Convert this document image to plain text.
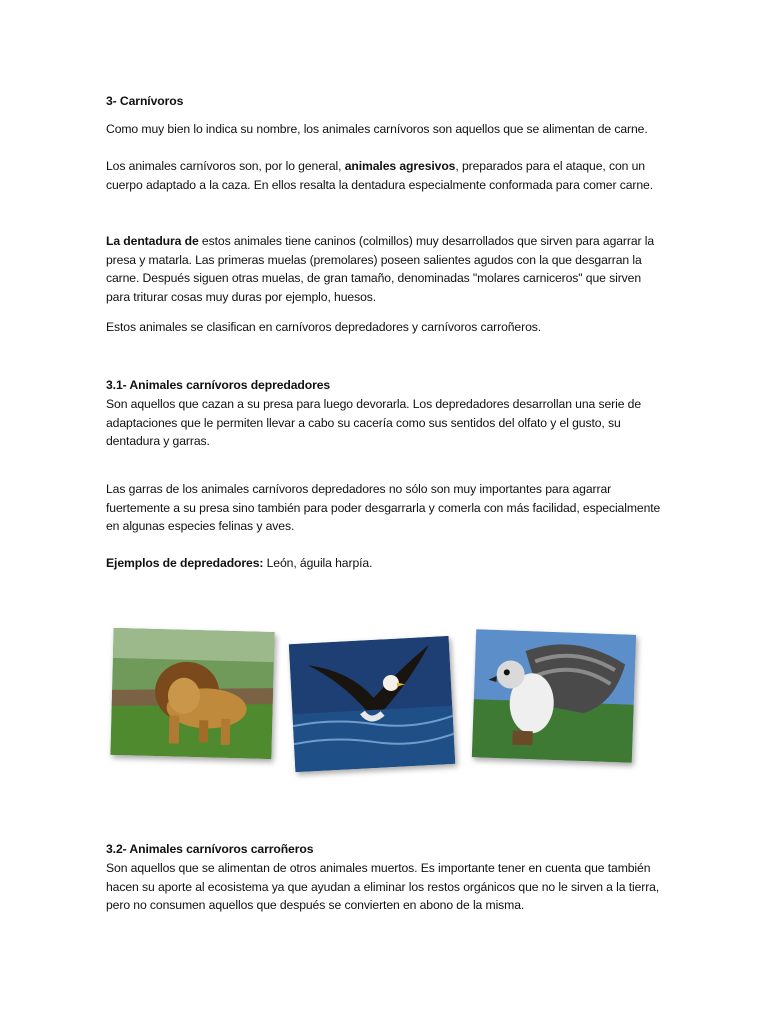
3- Carnívoros

Como muy bien lo indica su nombre, los animales carnívoros son aquellos que se alimentan de carne.

Los animales carnívoros son, por lo general, animales agresivos, preparados para el ataque, con un cuerpo adaptado a la caza. En ellos resalta la dentadura especialmente conformada para comer carne.

La dentadura de estos animales tiene caninos (colmillos) muy desarrollados que sirven para agarrar la presa y matarla. Las primeras muelas (premolares) poseen salientes agudos con la que desgarran la carne. Después siguen otras muelas, de gran tamaño, denominadas "molares carniceros" que sirven para triturar cosas muy duras por ejemplo, huesos.

Estos animales se clasifican en carnívoros depredadores y carnívoros carroñeros.

3.1- Animales carnívoros depredadores

Son aquellos que cazan a su presa para luego devorarla. Los depredadores desarrollan una serie de adaptaciones que le permiten llevar a cabo su cacería como sus sentidos del olfato y el gusto, su dentadura y garras.

Las garras de los animales carnívoros depredadores no sólo son muy importantes para agarrar fuertemente a su presa sino también para poder desgarrarla y comerla con más facilidad, especialmente en algunas especies felinas y aves.

Ejemplos de depredadores: León, águila harpía.

3.2- Animales carnívoros carroñeros

Son aquellos que se alimentan de otros animales muertos. Es importante tener en cuenta que también hacen su aporte al ecosistema ya que ayudan a eliminar los restos orgánicos que no le sirven a la tierra, pero no consumen aquellos que después se convierten en abono de la misma.
